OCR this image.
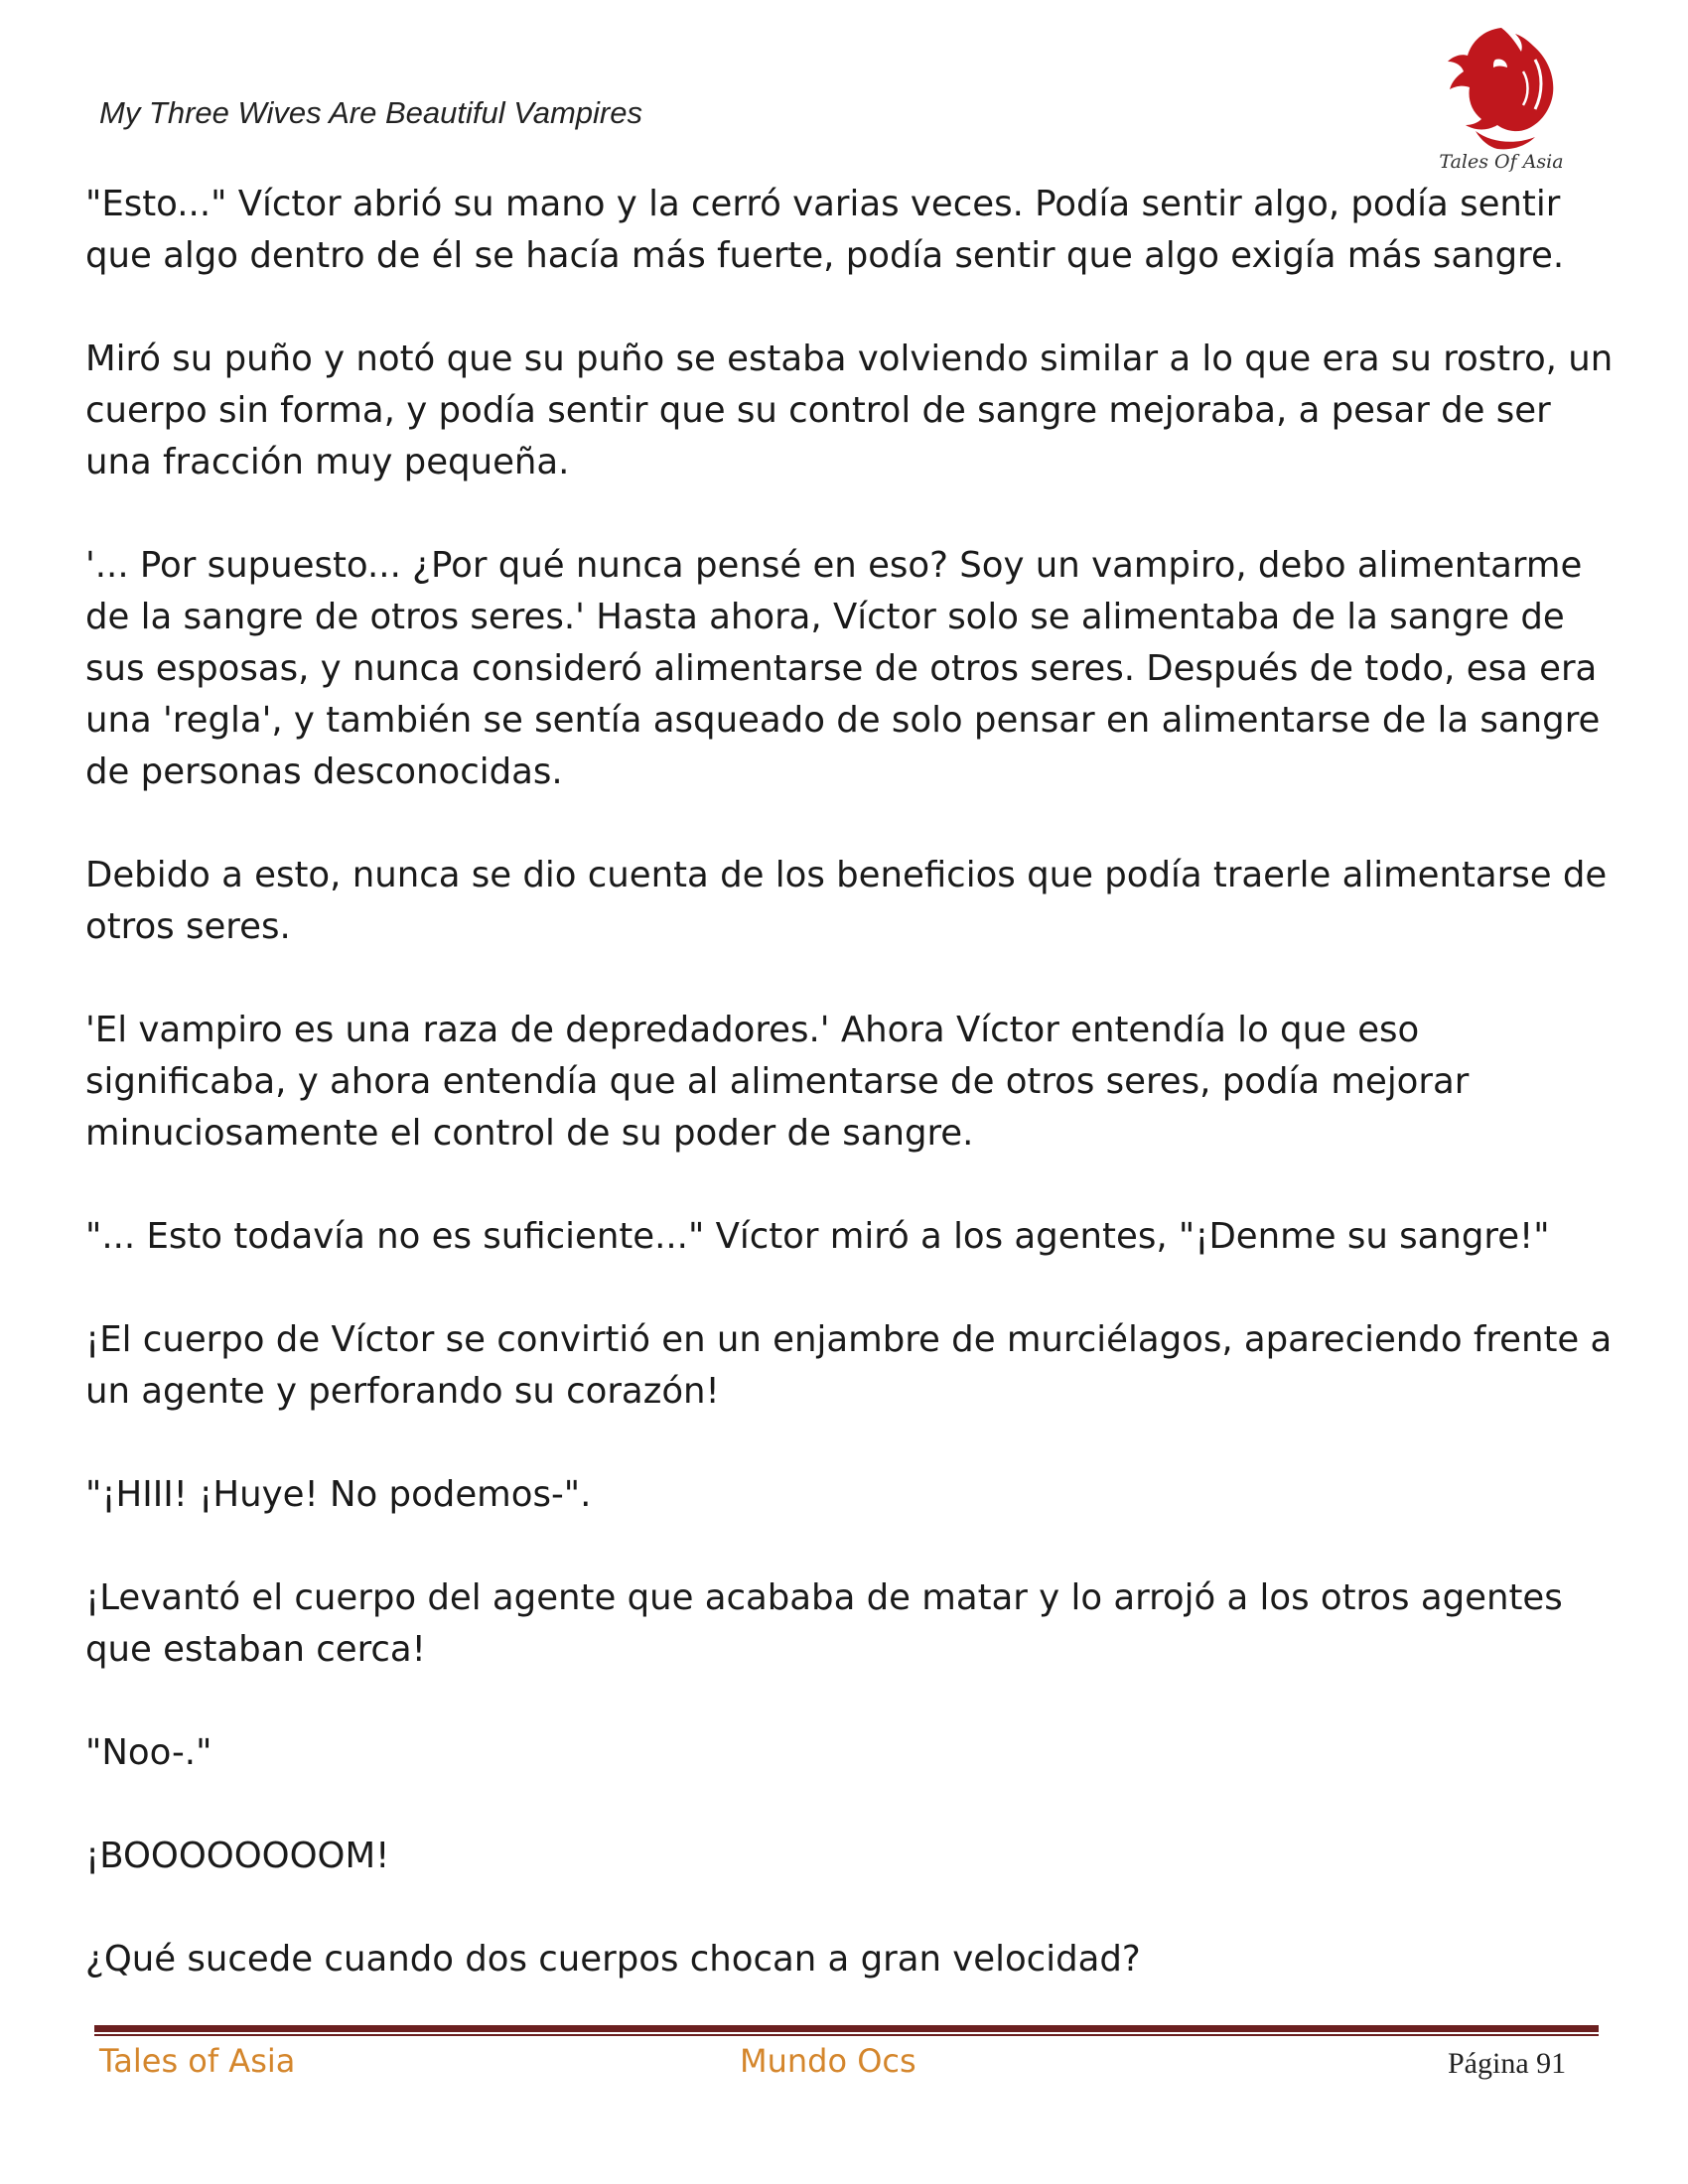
My Three Wives Are Beautiful Vampires
Tales Of Asia

"Esto..." Víctor abrió su mano y la cerró varias veces. Podía sentir algo, podía sentir que algo dentro de él se hacía más fuerte, podía sentir que algo exigía más sangre.

Miró su puño y notó que su puño se estaba volviendo similar a lo que era su rostro, un cuerpo sin forma, y podía sentir que su control de sangre mejoraba, a pesar de ser una fracción muy pequeña.

'... Por supuesto... ¿Por qué nunca pensé en eso? Soy un vampiro, debo alimentarme de la sangre de otros seres.' Hasta ahora, Víctor solo se alimentaba de la sangre de sus esposas, y nunca consideró alimentarse de otros seres. Después de todo, esa era una 'regla', y también se sentía asqueado de solo pensar en alimentarse de la sangre de personas desconocidas.

Debido a esto, nunca se dio cuenta de los beneficios que podía traerle alimentarse de otros seres.

'El vampiro es una raza de depredadores.' Ahora Víctor entendía lo que eso significaba, y ahora entendía que al alimentarse de otros seres, podía mejorar minuciosamente el control de su poder de sangre.

"... Esto todavía no es suficiente..." Víctor miró a los agentes, "¡Denme su sangre!"

¡El cuerpo de Víctor se convirtió en un enjambre de murciélagos, apareciendo frente a un agente y perforando su corazón!

"¡HIII! ¡Huye! No podemos-".

¡Levantó el cuerpo del agente que acababa de matar y lo arrojó a los otros agentes que estaban cerca!

"Noo-."

¡BOOOOOOOOM!

¿Qué sucede cuando dos cuerpos chocan a gran velocidad?

Tales of Asia	Mundo Ocs	Página 91
